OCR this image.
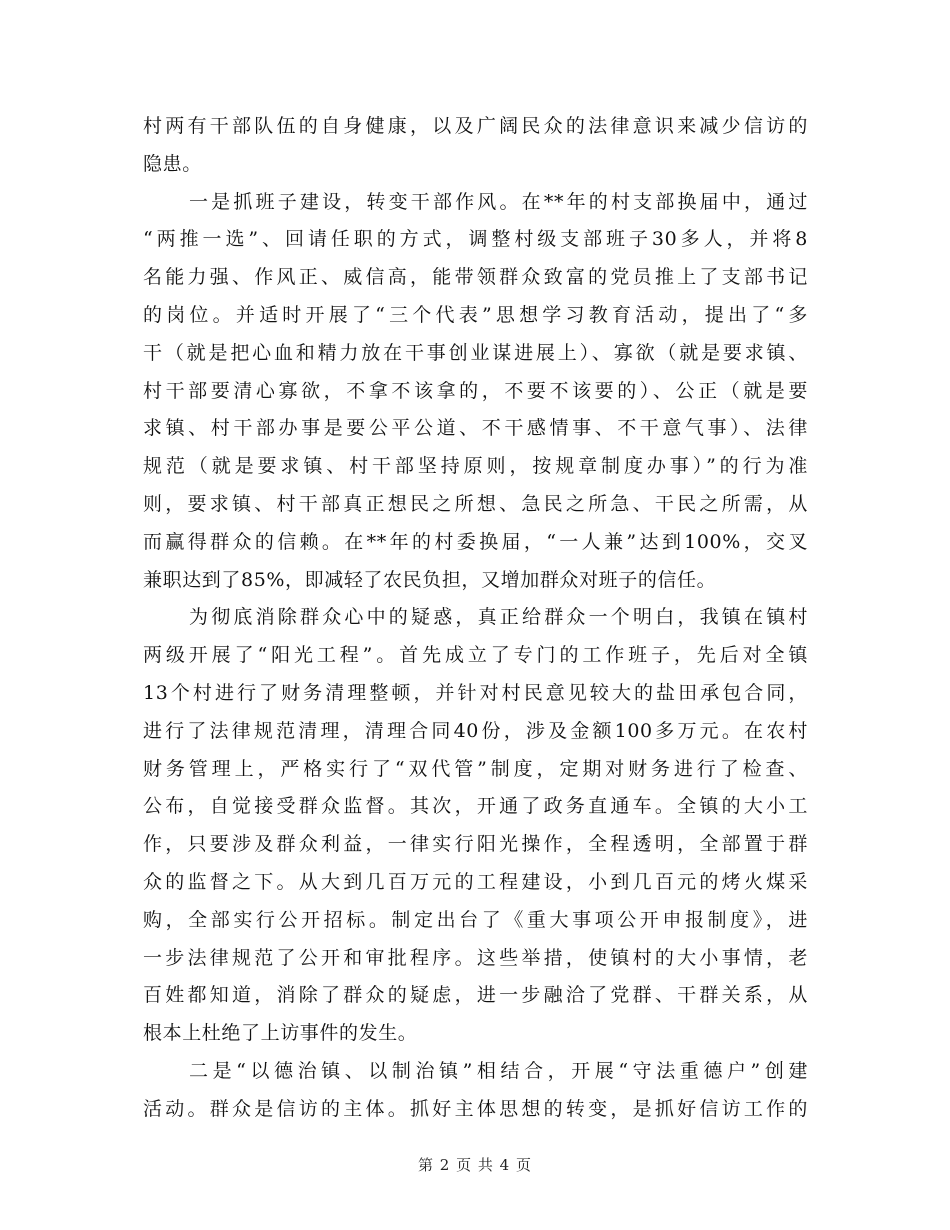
村两有干部队伍的自身健康，以及广阔民众的法律意识来减少信访的
隐患。
一是抓班子建设，转变干部作风。在**年的村支部换届中，通过
“两推一选”、回请任职的方式，调整村级支部班子30多人，并将8
名能力强、作风正、威信高，能带领群众致富的党员推上了支部书记
的岗位。并适时开展了“三个代表”思想学习教育活动，提出了“多
干（就是把心血和精力放在干事创业谋进展上）、寡欲（就是要求镇、
村干部要清心寡欲，不拿不该拿的，不要不该要的）、公正（就是要
求镇、村干部办事是要公平公道、不干感情事、不干意气事）、法律
规范（就是要求镇、村干部坚持原则，按规章制度办事）”的行为准
则，要求镇、村干部真正想民之所想、急民之所急、干民之所需，从
而赢得群众的信赖。在**年的村委换届，“一人兼”达到100%，交叉
兼职达到了85%，即减轻了农民负担，又增加群众对班子的信任。
为彻底消除群众心中的疑惑，真正给群众一个明白，我镇在镇村
两级开展了“阳光工程”。首先成立了专门的工作班子，先后对全镇
13个村进行了财务清理整顿，并针对村民意见较大的盐田承包合同，
进行了法律规范清理，清理合同40份，涉及金额100多万元。在农村
财务管理上，严格实行了“双代管”制度，定期对财务进行了检查、
公布，自觉接受群众监督。其次，开通了政务直通车。全镇的大小工
作，只要涉及群众利益，一律实行阳光操作，全程透明，全部置于群
众的监督之下。从大到几百万元的工程建设，小到几百元的烤火煤采
购，全部实行公开招标。制定出台了《重大事项公开申报制度》，进
一步法律规范了公开和审批程序。这些举措，使镇村的大小事情，老
百姓都知道，消除了群众的疑虑，进一步融洽了党群、干群关系，从
根本上杜绝了上访事件的发生。
二是“以德治镇、以制治镇”相结合，开展“守法重德户”创建
活动。群众是信访的主体。抓好主体思想的转变，是抓好信访工作的
第 2 页 共 4 页
